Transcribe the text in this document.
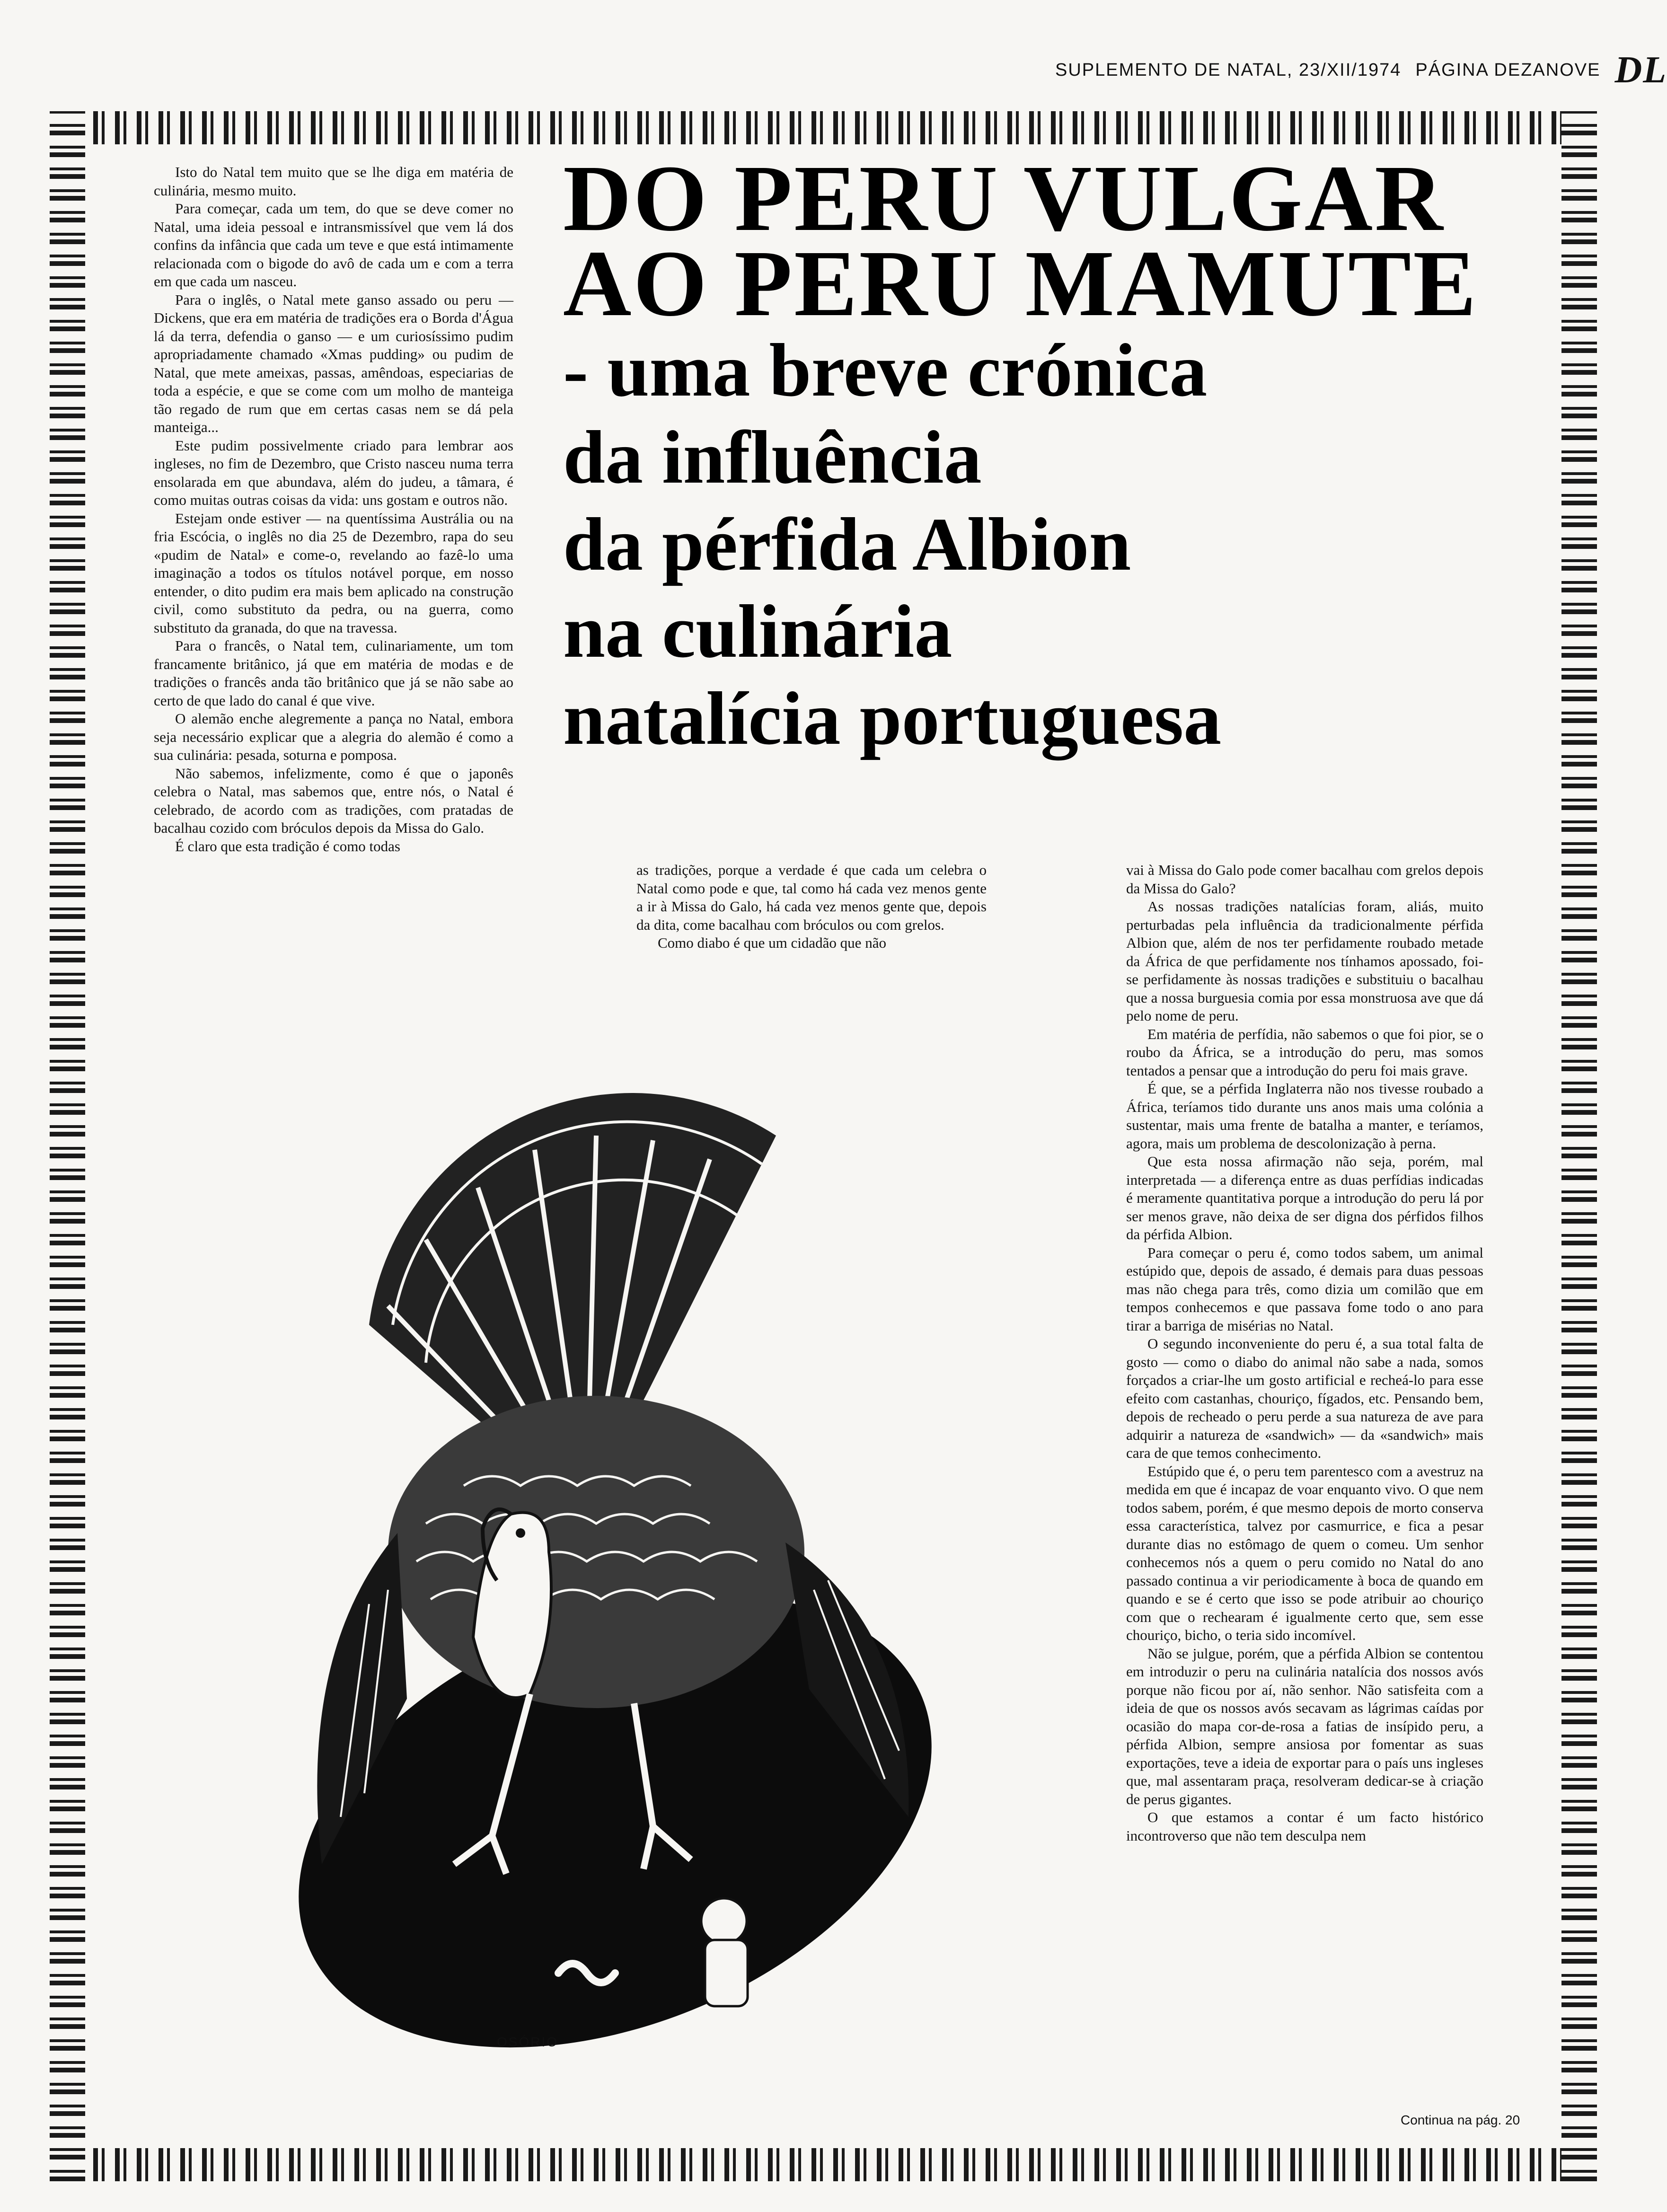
SUPLEMENTO DE NATAL, 23/XII/1974 PÁGINA DEZANOVE DL
DO PERU VULGAR
AO PERU MAMUTE
- uma breve crónica
da influência
da pérfida Albion
na culinária
natalícia portuguesa

Isto do Natal tem muito que se lhe diga em matéria de culinária, mesmo muito.

Para começar, cada um tem, do que se deve comer no Natal, uma ideia pessoal e intransmissível que vem lá dos confins da infância que cada um teve e que está intimamente relacionada com o bigode do avô de cada um e com a terra em que cada um nasceu.

Para o inglês, o Natal mete ganso assado ou peru — Dickens, que era em matéria de tradições era o Borda d'Água lá da terra, defendia o ganso — e um curiosíssimo pudim apropriadamente chamado «Xmas pudding» ou pudim de Natal, que mete ameixas, passas, amêndoas, especiarias de toda a espécie, e que se come com um molho de manteiga tão regado de rum que em certas casas nem se dá pela manteiga...

Este pudim possivelmente criado para lembrar aos ingleses, no fim de Dezembro, que Cristo nasceu numa terra ensolarada em que abundava, além do judeu, a tâmara, é como muitas outras coisas da vida: uns gostam e outros não.

Estejam onde estiver — na quentíssima Austrália ou na fria Escócia, o inglês no dia 25 de Dezembro, rapa do seu «pudim de Natal» e come-o, revelando ao fazê-lo uma imaginação a todos os títulos notável porque, em nosso entender, o dito pudim era mais bem aplicado na construção civil, como substituto da pedra, ou na guerra, como substituto da granada, do que na travessa.

Para o francês, o Natal tem, culinariamente, um tom francamente britânico, já que em matéria de modas e de tradições o francês anda tão britânico que já se não sabe ao certo de que lado do canal é que vive.

O alemão enche alegremente a pança no Natal, embora seja necessário explicar que a alegria do alemão é como a sua culinária: pesada, soturna e pomposa.

Não sabemos, infelizmente, como é que o japonês celebra o Natal, mas sabemos que, entre nós, o Natal é celebrado, de acordo com as tradições, com pratadas de bacalhau cozido com bróculos depois da Missa do Galo.

É claro que esta tradição é como todas

as tradições, porque a verdade é que cada um celebra o Natal como pode e que, tal como há cada vez menos gente a ir à Missa do Galo, há cada vez menos gente que, depois da dita, come bacalhau com bróculos ou com grelos.

Como diabo é que um cidadão que não

vai à Missa do Galo pode comer bacalhau com grelos depois da Missa do Galo?

As nossas tradições natalícias foram, aliás, muito perturbadas pela influência da tradicionalmente pérfida Albion que, além de nos ter perfidamente roubado metade da África de que perfidamente nos tínhamos apossado, foi-se perfidamente às nossas tradições e substituiu o bacalhau que a nossa burguesia comia por essa monstruosa ave que dá pelo nome de peru.

Em matéria de perfídia, não sabemos o que foi pior, se o roubo da África, se a introdução do peru, mas somos tentados a pensar que a introdução do peru foi mais grave.

É que, se a pérfida Inglaterra não nos tivesse roubado a África, teríamos tido durante uns anos mais uma colónia a sustentar, mais uma frente de batalha a manter, e teríamos, agora, mais um problema de descolonização à perna.

Que esta nossa afirmação não seja, porém, mal interpretada — a diferença entre as duas perfídias indicadas é meramente quantitativa porque a introdução do peru lá por ser menos grave, não deixa de ser digna dos pérfidos filhos da pérfida Albion.

Para começar o peru é, como todos sabem, um animal estúpido que, depois de assado, é demais para duas pessoas mas não chega para três, como dizia um comilão que em tempos conhecemos e que passava fome todo o ano para tirar a barriga de misérias no Natal.

O segundo inconveniente do peru é, a sua total falta de gosto — como o diabo do animal não sabe a nada, somos forçados a criar-lhe um gosto artificial e recheá-lo para esse efeito com castanhas, chouriço, fígados, etc. Pensando bem, depois de recheado o peru perde a sua natureza de ave para adquirir a natureza de «sandwich» — da «sandwich» mais cara de que temos conhecimento.

Estúpido que é, o peru tem parentesco com a avestruz na medida em que é incapaz de voar enquanto vivo. O que nem todos sabem, porém, é que mesmo depois de morto conserva essa característica, talvez por casmurrice, e fica a pesar durante dias no estômago de quem o comeu. Um senhor conhecemos nós a quem o peru comido no Natal do ano passado continua a vir periodicamente à boca de quando em quando e se é certo que isso se pode atribuir ao chouriço com que o rechearam é igualmente certo que, sem esse chouriço, bicho, o teria sido incomível.

Não se julgue, porém, que a pérfida Albion se contentou em introduzir o peru na culinária natalícia dos nossos avós porque não ficou por aí, não senhor. Não satisfeita com a ideia de que os nossos avós secavam as lágrimas caídas por ocasião do mapa cor-de-rosa a fatias de insípido peru, a pérfida Albion, sempre ansiosa por fomentar as suas exportações, teve a ideia de exportar para o país uns ingleses que, mal assentaram praça, resolveram dedicar-se à criação de perus gigantes.

O que estamos a contar é um facto histórico incontroverso que não tem desculpa nem

OSÓRIO
Continua na pág. 20
